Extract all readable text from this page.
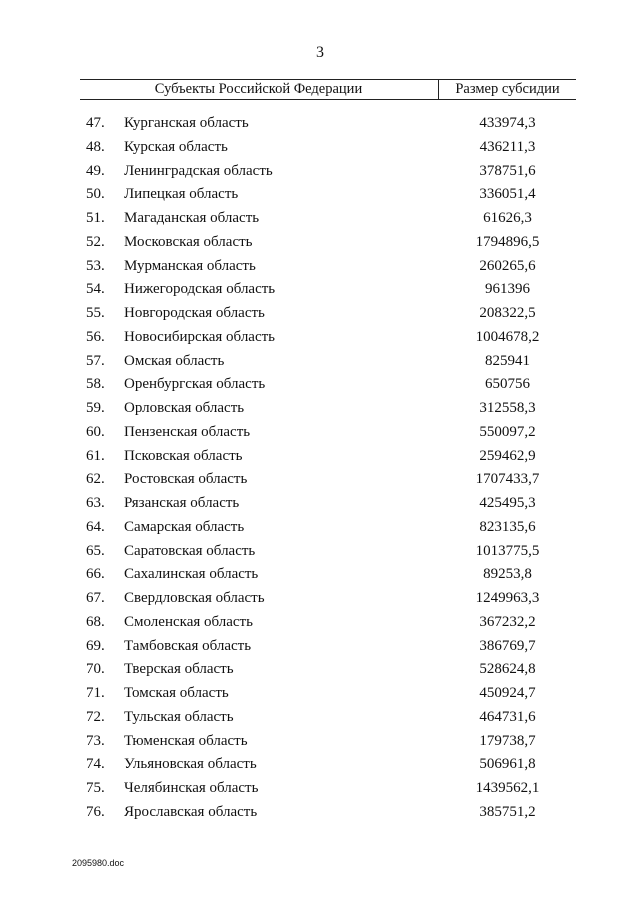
3
Субъекты Российской Федерации	Размер субсидии
47. Курганская область	433974,3
48. Курская область	436211,3
49. Ленинградская область	378751,6
50. Липецкая область	336051,4
51. Магаданская область	61626,3
52. Московская область	1794896,5
53. Мурманская область	260265,6
54. Нижегородская область	961396
55. Новгородская область	208322,5
56. Новосибирская область	1004678,2
57. Омская область	825941
58. Оренбургская область	650756
59. Орловская область	312558,3
60. Пензенская область	550097,2
61. Псковская область	259462,9
62. Ростовская область	1707433,7
63. Рязанская область	425495,3
64. Самарская область	823135,6
65. Саратовская область	1013775,5
66. Сахалинская область	89253,8
67. Свердловская область	1249963,3
68. Смоленская область	367232,2
69. Тамбовская область	386769,7
70. Тверская область	528624,8
71. Томская область	450924,7
72. Тульская область	464731,6
73. Тюменская область	179738,7
74. Ульяновская область	506961,8
75. Челябинская область	1439562,1
76. Ярославская область	385751,2
2095980.doc
